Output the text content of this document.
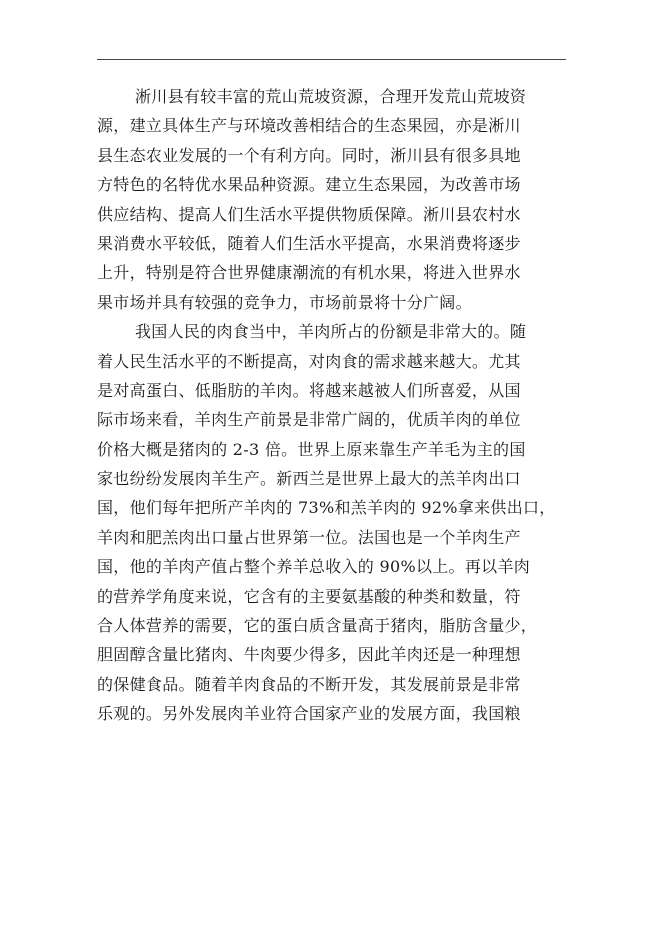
淅川县有较丰富的荒山荒坡资源，合理开发荒山荒坡资
源，建立具体生产与环境改善相结合的生态果园，亦是淅川
县生态农业发展的一个有利方向。同时，淅川县有很多具地
方特色的名特优水果品种资源。建立生态果园，为改善市场
供应结构、提高人们生活水平提供物质保障。淅川县农村水
果消费水平较低，随着人们生活水平提高，水果消费将逐步
上升，特别是符合世界健康潮流的有机水果，将进入世界水
果市场并具有较强的竞争力，市场前景将十分广阔。
我国人民的肉食当中，羊肉所占的份额是非常大的。随
着人民生活水平的不断提高，对肉食的需求越来越大。尤其
是对高蛋白、低脂肪的羊肉。将越来越被人们所喜爱，从国
际市场来看，羊肉生产前景是非常广阔的，优质羊肉的单位
价格大概是猪肉的 2-3 倍。世界上原来靠生产羊毛为主的国
家也纷纷发展肉羊生产。新西兰是世界上最大的羔羊肉出口
国，他们每年把所产羊肉的 73%和羔羊肉的 92%拿来供出口，
羊肉和肥羔肉出口量占世界第一位。法国也是一个羊肉生产
国，他的羊肉产值占整个养羊总收入的 90%以上。再以羊肉
的营养学角度来说，它含有的主要氨基酸的种类和数量，符
合人体营养的需要，它的蛋白质含量高于猪肉，脂肪含量少，
胆固醇含量比猪肉、牛肉要少得多，因此羊肉还是一种理想
的保健食品。随着羊肉食品的不断开发，其发展前景是非常
乐观的。另外发展肉羊业符合国家产业的发展方面，我国粮
